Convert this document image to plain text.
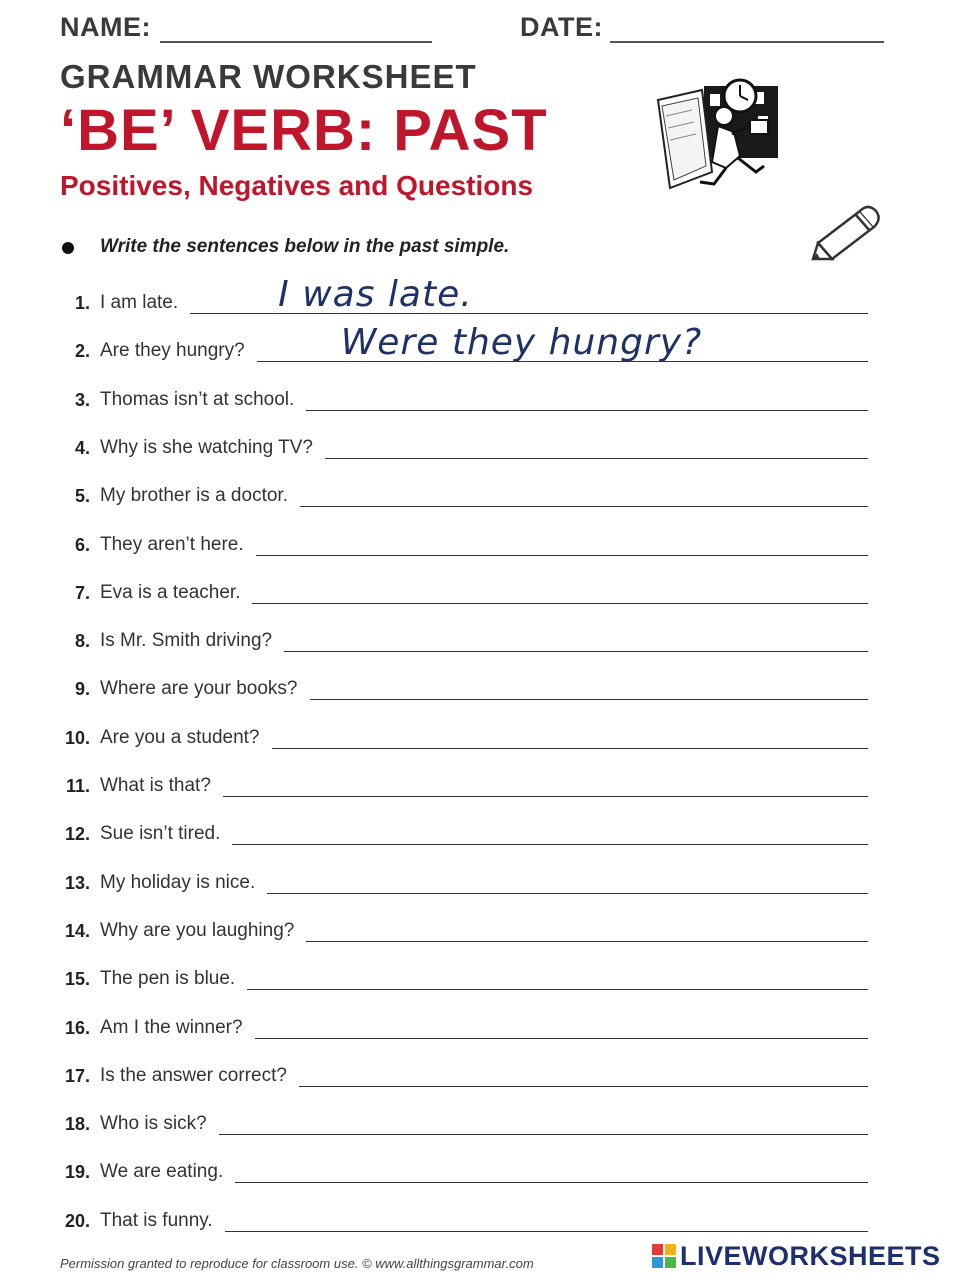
NAME:	DATE:
GRAMMAR WORKSHEET
‘BE’ VERB: PAST
Positives, Negatives and Questions
Write the sentences below in the past simple.
1. I am late.	I was late.
2. Are they hungry?	Were they hungry?
3. Thomas isn’t at school.
4. Why is she watching TV?
5. My brother is a doctor.
6. They aren’t here.
7. Eva is a teacher.
8. Is Mr. Smith driving?
9. Where are your books?
10. Are you a student?
11. What is that?
12. Sue isn’t tired.
13. My holiday is nice.
14. Why are you laughing?
15. The pen is blue.
16. Am I the winner?
17. Is the answer correct?
18. Who is sick?
19. We are eating.
20. That is funny.
Permission granted to reproduce for classroom use. © www.allthingsgrammar.com	LIVEWORKSHEETS
